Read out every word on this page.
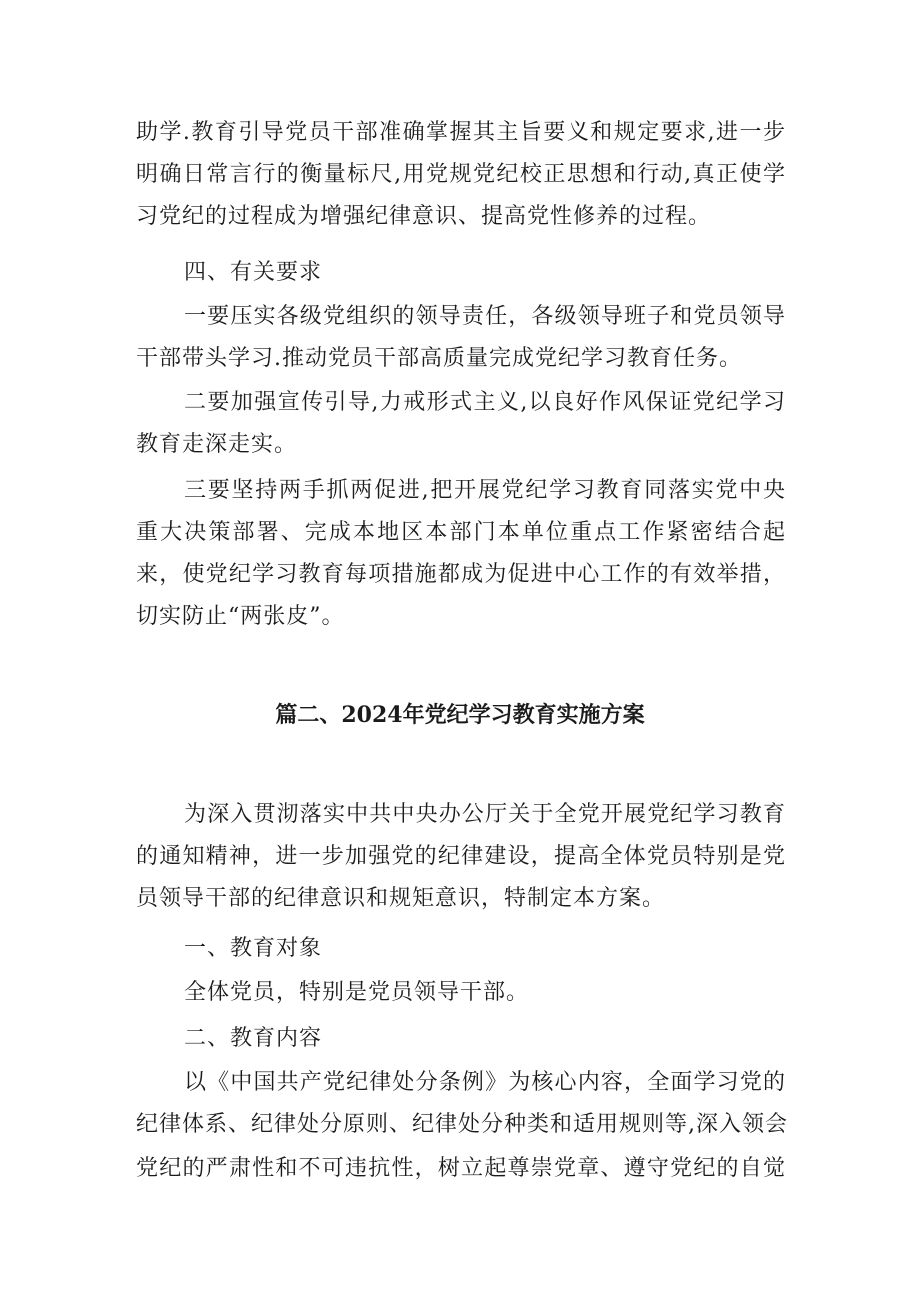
助学.教育引导党员干部准确掌握其主旨要义和规定要求,进一步
明确日常言行的衡量标尺,用党规党纪校正思想和行动,真正使学
习党纪的过程成为增强纪律意识、提高党性修养的过程。
四、有关要求
一要压实各级党组织的领导责任，各级领导班子和党员领导
干部带头学习.推动党员干部高质量完成党纪学习教育任务。
二要加强宣传引导,力戒形式主义,以良好作风保证党纪学习
教育走深走实。
三要坚持两手抓两促进,把开展党纪学习教育同落实党中央
重大决策部署、完成本地区本部门本单位重点工作紧密结合起
来，使党纪学习教育每项措施都成为促进中心工作的有效举措，
切实防止“两张皮”。
篇二、2024年党纪学习教育实施方案
为深入贯沏落实中共中央办公厅关于全党开展党纪学习教育
的通知精神，进一步加强党的纪律建设，提高全体党员特别是党
员领导干部的纪律意识和规矩意识，特制定本方案。
一、教育对象
全体党员，特别是党员领导干部。
二、教育内容
以《中国共产党纪律处分条例》为核心内容，全面学习党的
纪律体系、纪律处分原则、纪律处分种类和适用规则等,深入领会
党纪的严肃性和不可违抗性，树立起尊崇党章、遵守党纪的自觉
